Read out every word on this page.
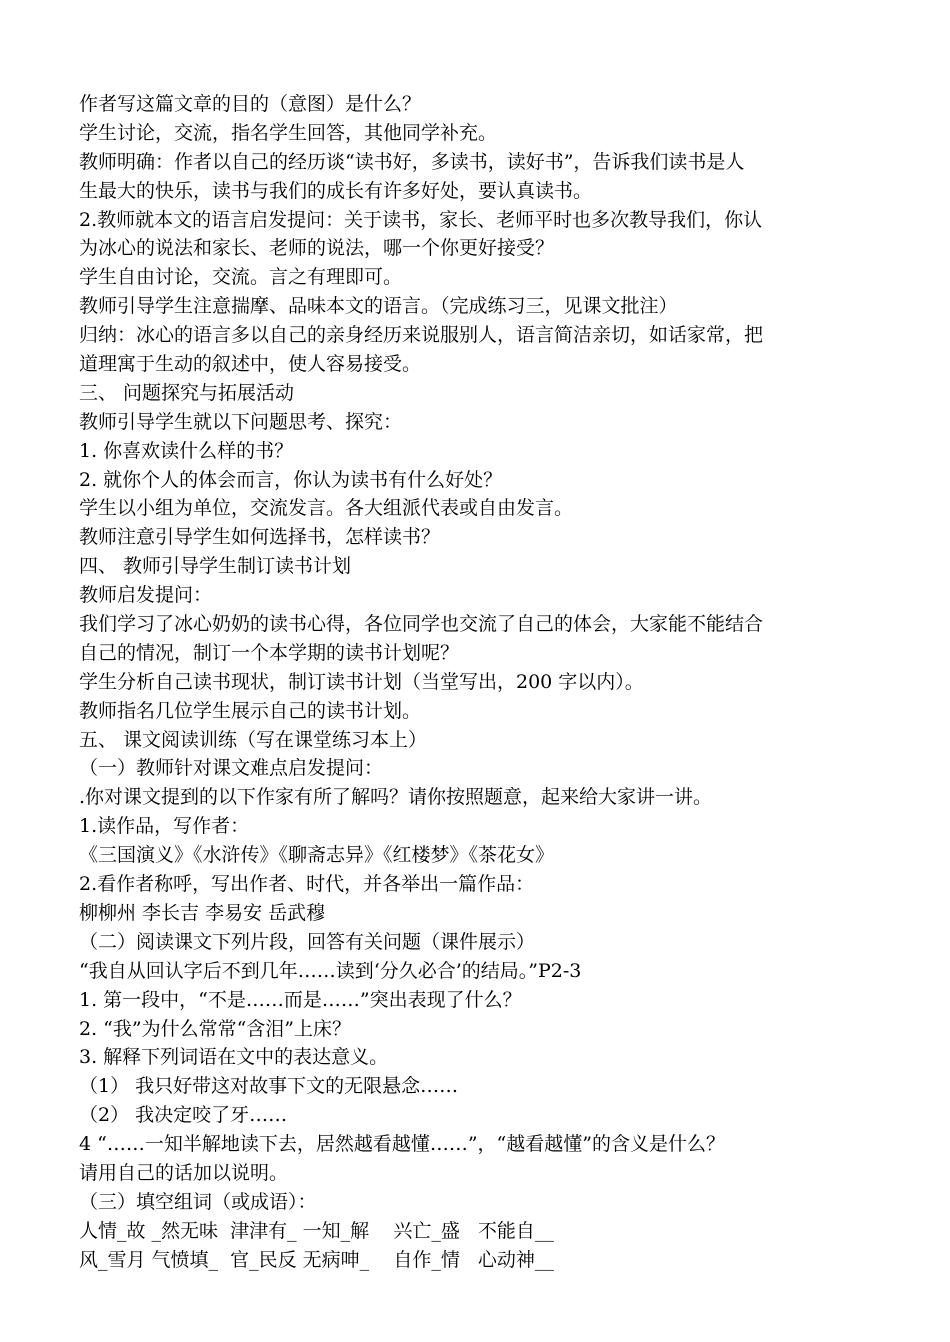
作者写这篇文章的目的（意图）是什么？
学生讨论，交流，指名学生回答，其他同学补充。
教师明确：作者以自己的经历谈“读书好，多读书，读好书”，告诉我们读书是人
生最大的快乐，读书与我们的成长有许多好处，要认真读书。
2.教师就本文的语言启发提问：关于读书，家长、老师平时也多次教导我们，你认
为冰心的说法和家长、老师的说法，哪一个你更好接受？
学生自由讨论，交流。言之有理即可。
教师引导学生注意揣摩、品味本文的语言。（完成练习三，见课文批注）
归纳：冰心的语言多以自己的亲身经历来说服别人，语言简洁亲切，如话家常，把
道理寓于生动的叙述中，使人容易接受。
三、 问题探究与拓展活动
教师引导学生就以下问题思考、探究：
1. 你喜欢读什么样的书？
2. 就你个人的体会而言，你认为读书有什么好处？
学生以小组为单位，交流发言。各大组派代表或自由发言。
教师注意引导学生如何选择书，怎样读书？
四、 教师引导学生制订读书计划
教师启发提问：
我们学习了冰心奶奶的读书心得，各位同学也交流了自己的体会，大家能不能结合
自己的情况，制订一个本学期的读书计划呢？
学生分析自己读书现状，制订读书计划（当堂写出，200 字以内）。
教师指名几位学生展示自己的读书计划。
五、 课文阅读训练（写在课堂练习本上）
（一）教师针对课文难点启发提问：
.你对课文提到的以下作家有所了解吗？请你按照题意，起来给大家讲一讲。
1.读作品，写作者：
《三国演义》《水浒传》《聊斋志异》《红楼梦》《茶花女》
2.看作者称呼，写出作者、时代，并各举出一篇作品：
柳柳州 李长吉 李易安 岳武穆
（二）阅读课文下列片段，回答有关问题（课件展示）
“我自从回认字后不到几年……读到‘分久必合’的结局。”P2-3
1. 第一段中，“不是……而是……”突出表现了什么？
2. “我”为什么常常“含泪”上床？
3. 解释下列词语在文中的表达意义。
（1） 我只好带这对故事下文的无限悬念……
（2） 我决定咬了牙……
4 “……一知半解地读下去，居然越看越懂……”，“越看越懂”的含义是什么？
请用自己的话加以说明。
（三）填空组词（或成语）：
人情_故 _然无味  津津有_ 一知_解    兴亡_盛   不能自__
风_雪月 气愤填_  官_民反 无病呻_    自作_情   心动神__
